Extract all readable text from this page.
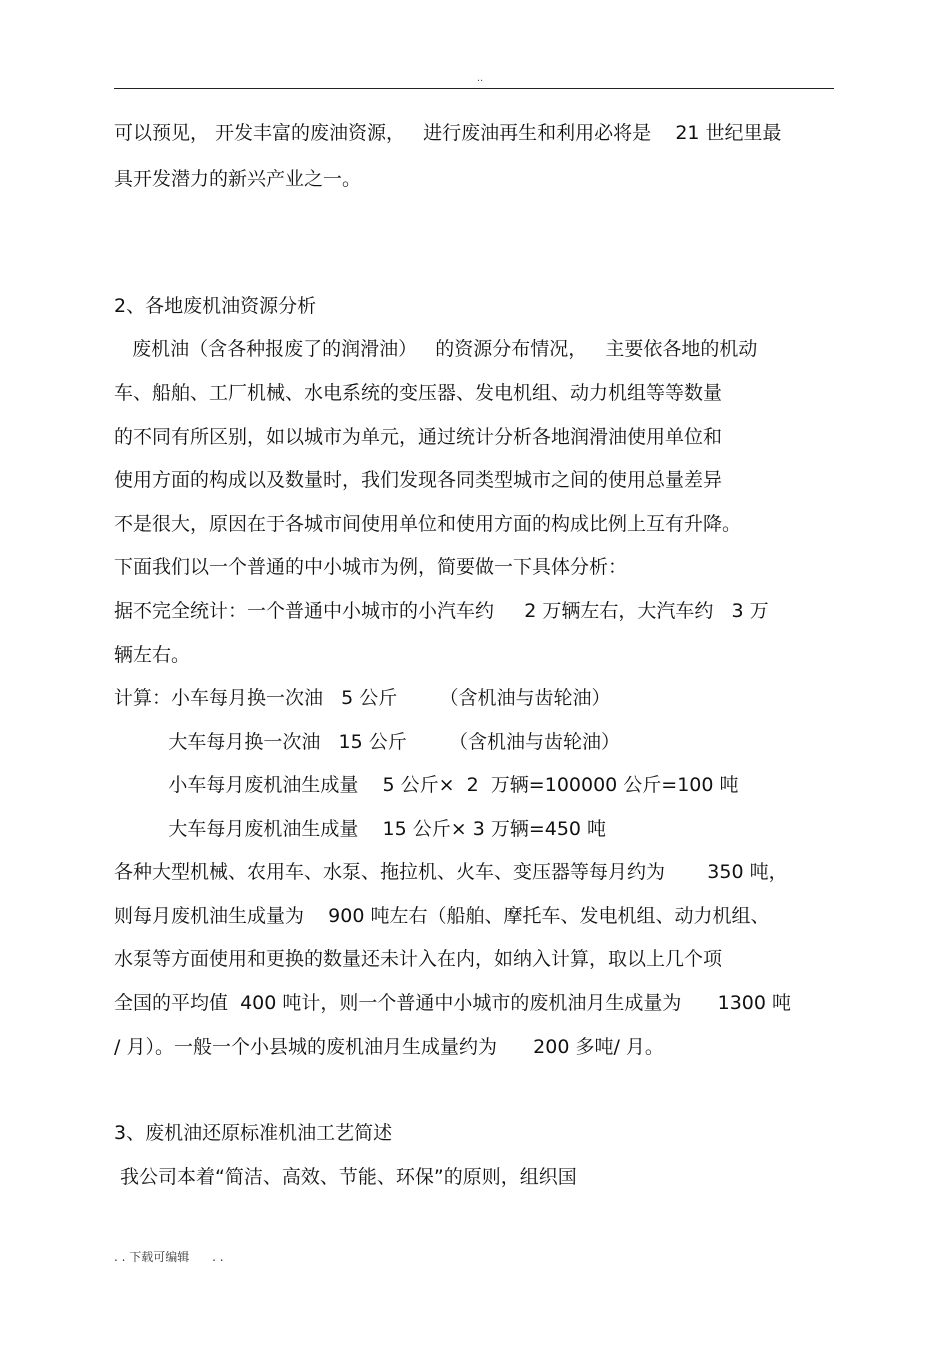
..
可以预见， 开发丰富的废油资源，   进行废油再生和利用必将是    21 世纪里最
具开发潜力的新兴产业之一。
2、各地废机油资源分析
废机油（含各种报废了的润滑油）   的资源分布情况，   主要依各地的机动
车、船舶、工厂机械、水电系统的变压器、发电机组、动力机组等等数量
的不同有所区别，如以城市为单元，通过统计分析各地润滑油使用单位和
使用方面的构成以及数量时，我们发现各同类型城市之间的使用总量差异
不是很大，原因在于各城市间使用单位和使用方面的构成比例上互有升降。
下面我们以一个普通的中小城市为例，简要做一下具体分析：
据不完全统计：一个普通中小城市的小汽车约     2 万辆左右，大汽车约   3 万
辆左右。
计算：小车每月换一次油   5 公斤       （含机油与齿轮油）
大车每月换一次油   15 公斤       （含机油与齿轮油）
小车每月废机油生成量    5 公斤×  2  万辆=100000 公斤=100 吨
大车每月废机油生成量    15 公斤× 3 万辆=450 吨
各种大型机械、农用车、水泵、拖拉机、火车、变压器等每月约为       350 吨，
则每月废机油生成量为    900 吨左右（船舶、摩托车、发电机组、动力机组、
水泵等方面使用和更换的数量还未计入在内，如纳入计算，取以上几个项
全国的平均值  400 吨计，则一个普通中小城市的废机油月生成量为      1300 吨
/ 月）。一般一个小县城的废机油月生成量约为      200 多吨/ 月。
3、废机油还原标准机油工艺简述
我公司本着“简洁、高效、节能、环保”的原则，组织国
. . 下载可编辑      . .
